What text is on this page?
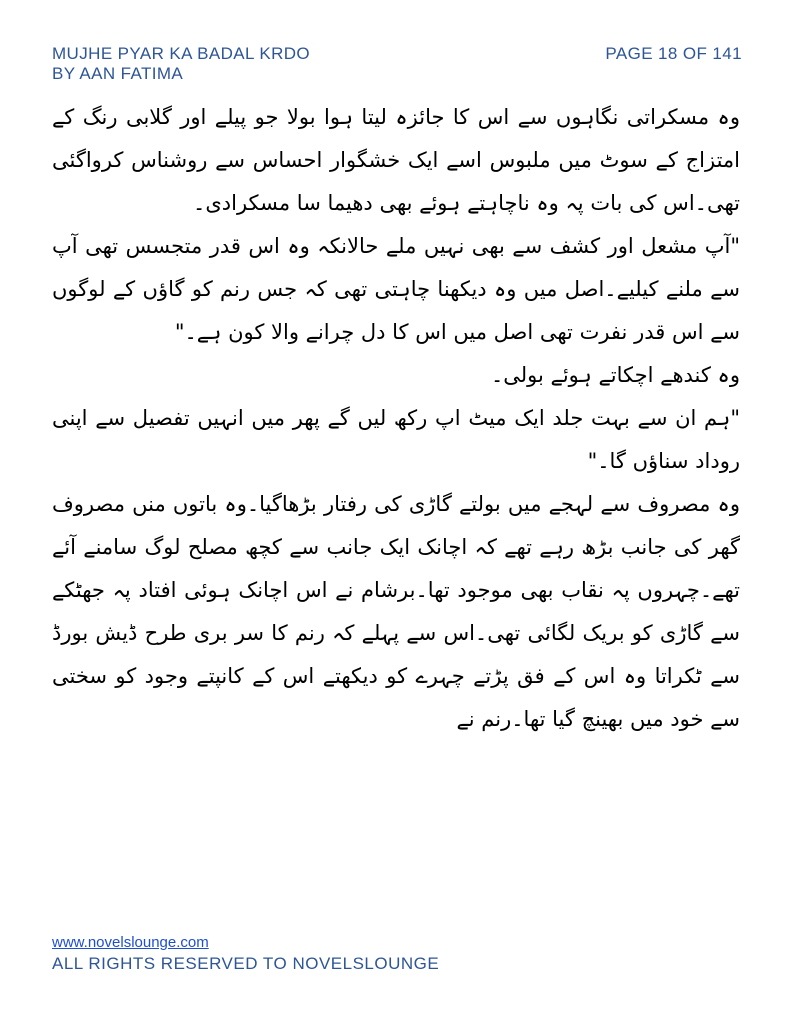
MUJHE PYAR KA BADAL KRDO
BY AAN FATIMA
PAGE 18 OF 141

وہ مسکراتی نگاہوں سے اس کا جائزہ لیتا ہوا بولا جو پیلے اور گلابی رنگ کے امتزاج کے سوٹ میں ملبوس اسے ایک خشگوار احساس سے روشناس کرواگئی تھی۔اس کی بات پہ وہ ناچاہتے ہوئے بھی دھیما سا مسکرادی۔

"آپ مشعل اور کشف سے بھی نہیں ملے حالانکہ وہ اس قدر متجسس تھی آپ سے ملنے کیلیے۔اصل میں وہ دیکھنا چاہتی تھی کہ جس رنم کو گاؤں کے لوگوں سے اس قدر نفرت تھی اصل میں اس کا دل چرانے والا کون ہے۔"

وہ کندھے اچکاتے ہوئے بولی۔

"ہم ان سے بہت جلد ایک میٹ اپ رکھ لیں گے پھر میں انہیں تفصیل سے اپنی روداد سناؤں گا۔"

وہ مصروف سے لہجے میں بولتے گاڑی کی رفتار بڑھاگیا۔وہ باتوں منں مصروف گھر کی جانب بڑھ رہے تھے کہ اچانک ایک جانب سے کچھ مصلح لوگ سامنے آئے تھے۔چہروں پہ نقاب بھی موجود تھا۔برشام نے اس اچانک ہوئی افتاد پہ جھٹکے سے گاڑی کو بریک لگائی تھی۔اس سے پہلے کہ رنم کا سر بری طرح ڈیش بورڈ سے ٹکراتا وہ اس کے فق پڑتے چہرے کو دیکھتے اس کے کانپتے وجود کو سختی سے خود میں بھینچ گیا تھا۔رنم نے

www.novelslounge.com
ALL RIGHTS RESERVED TO NOVELSLOUNGE
